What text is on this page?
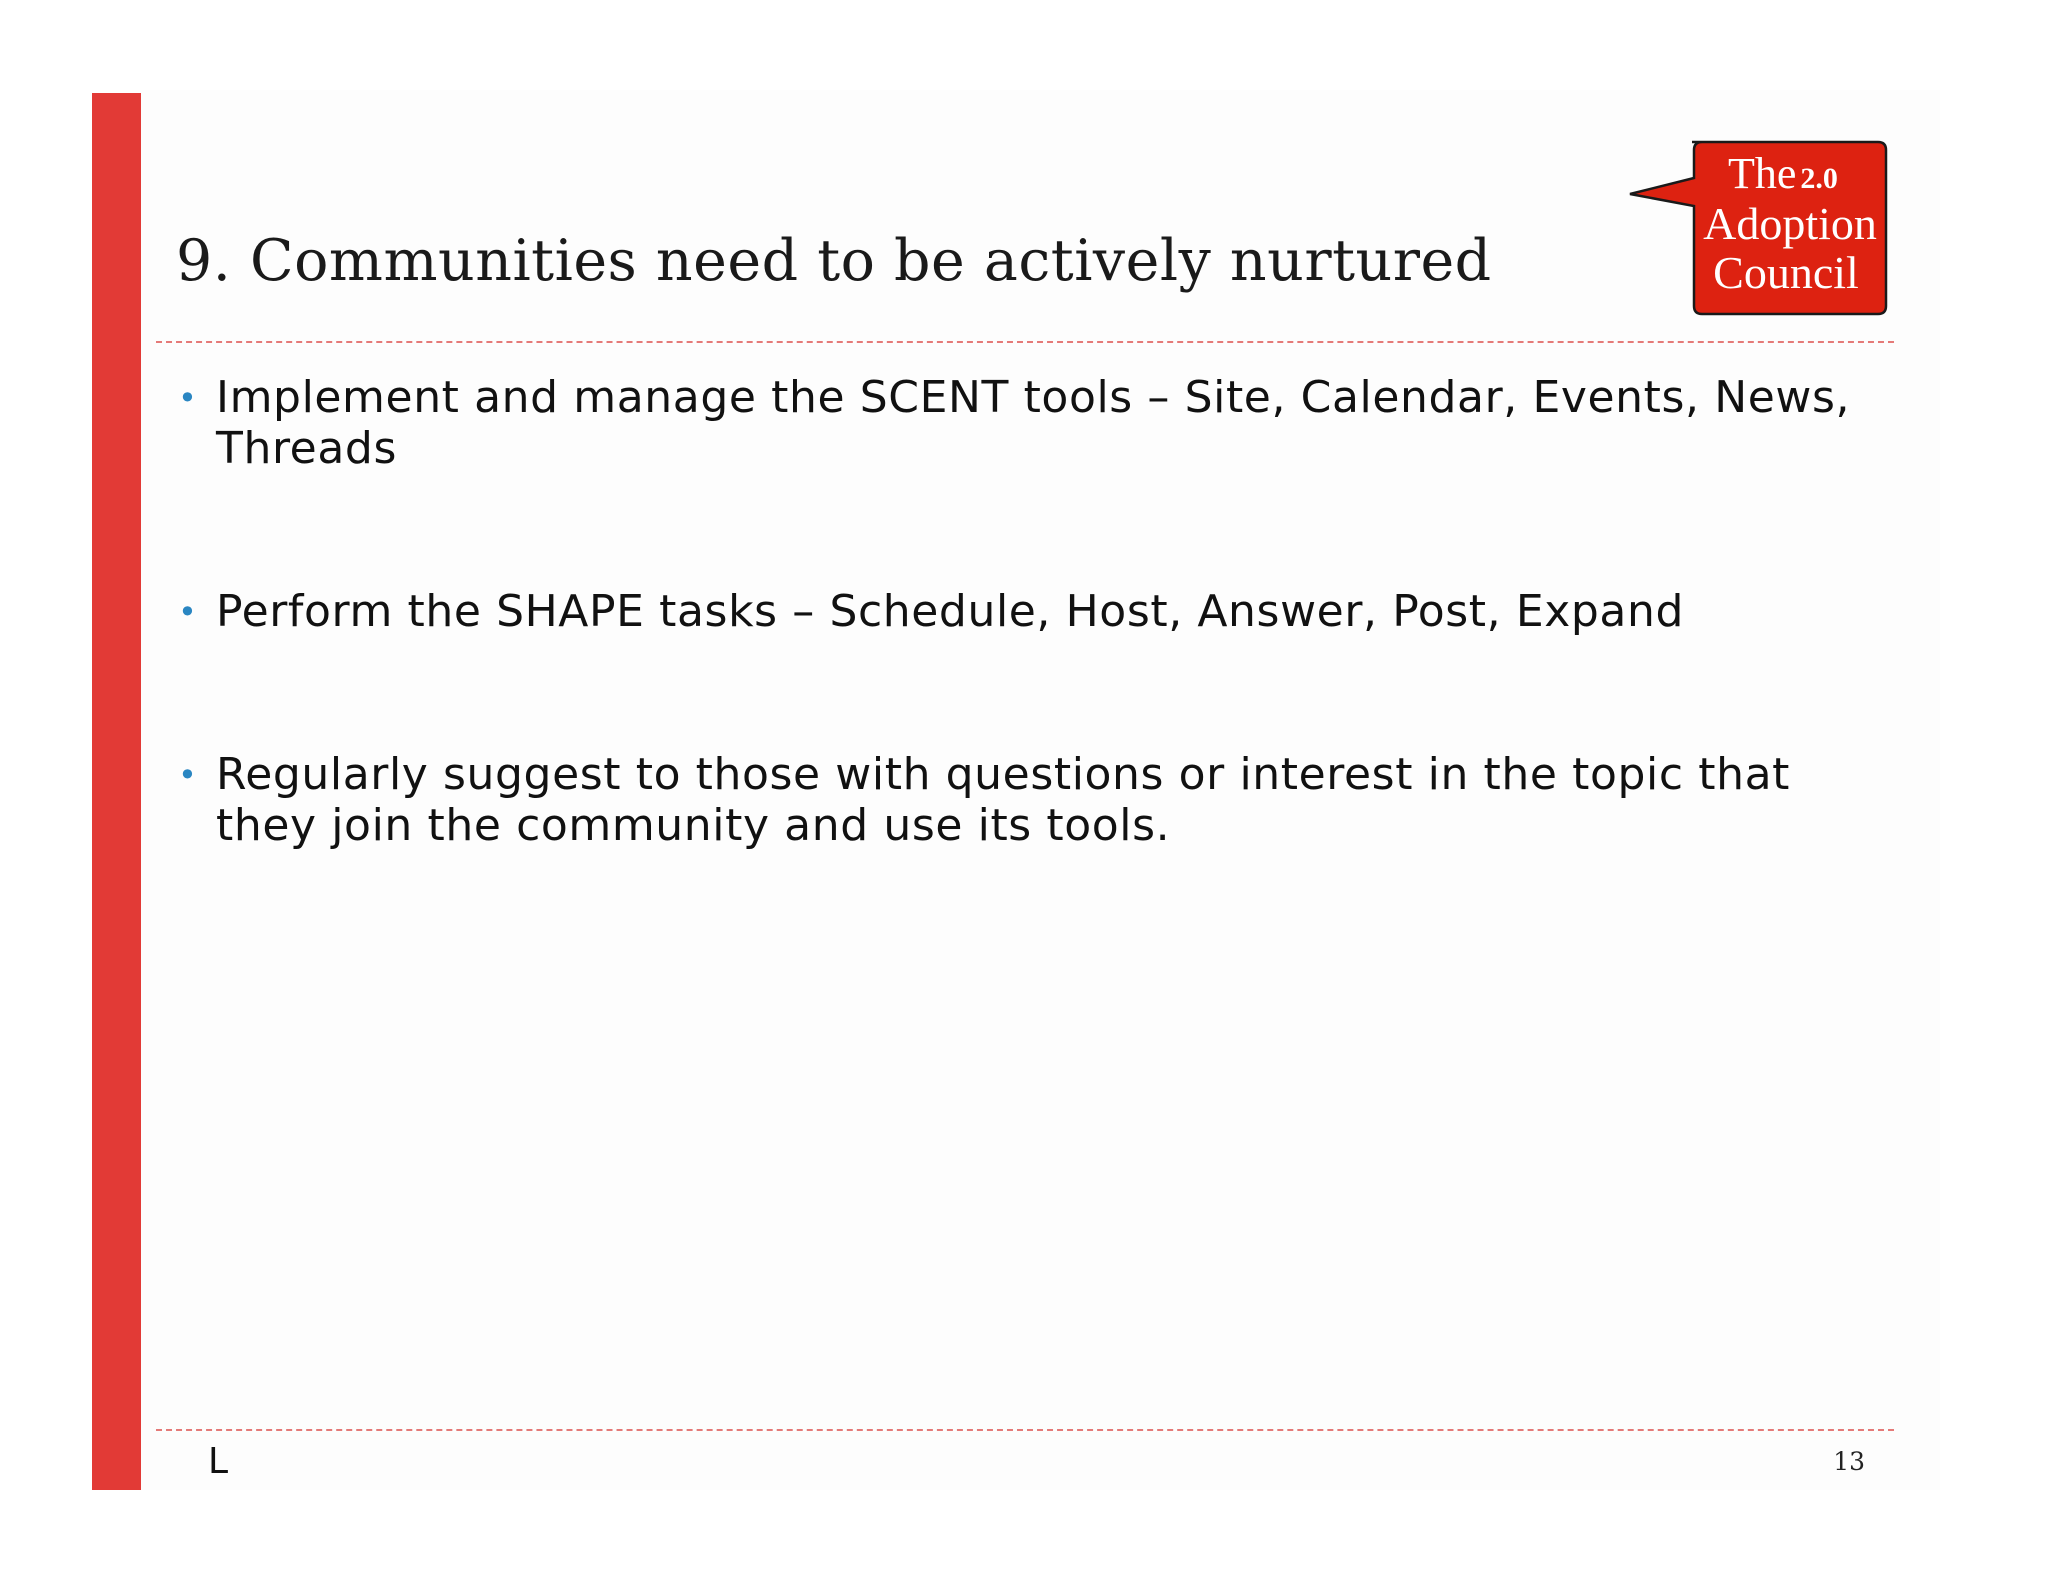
9. Communities need to be actively nurtured
The 2.0
Adoption
Council
• Implement and manage the SCENT tools – Site, Calendar, Events, News, Threads
• Perform the SHAPE tasks – Schedule, Host, Answer, Post, Expand
• Regularly suggest to those with questions or interest in the topic that they join the community and use its tools.
L	13
